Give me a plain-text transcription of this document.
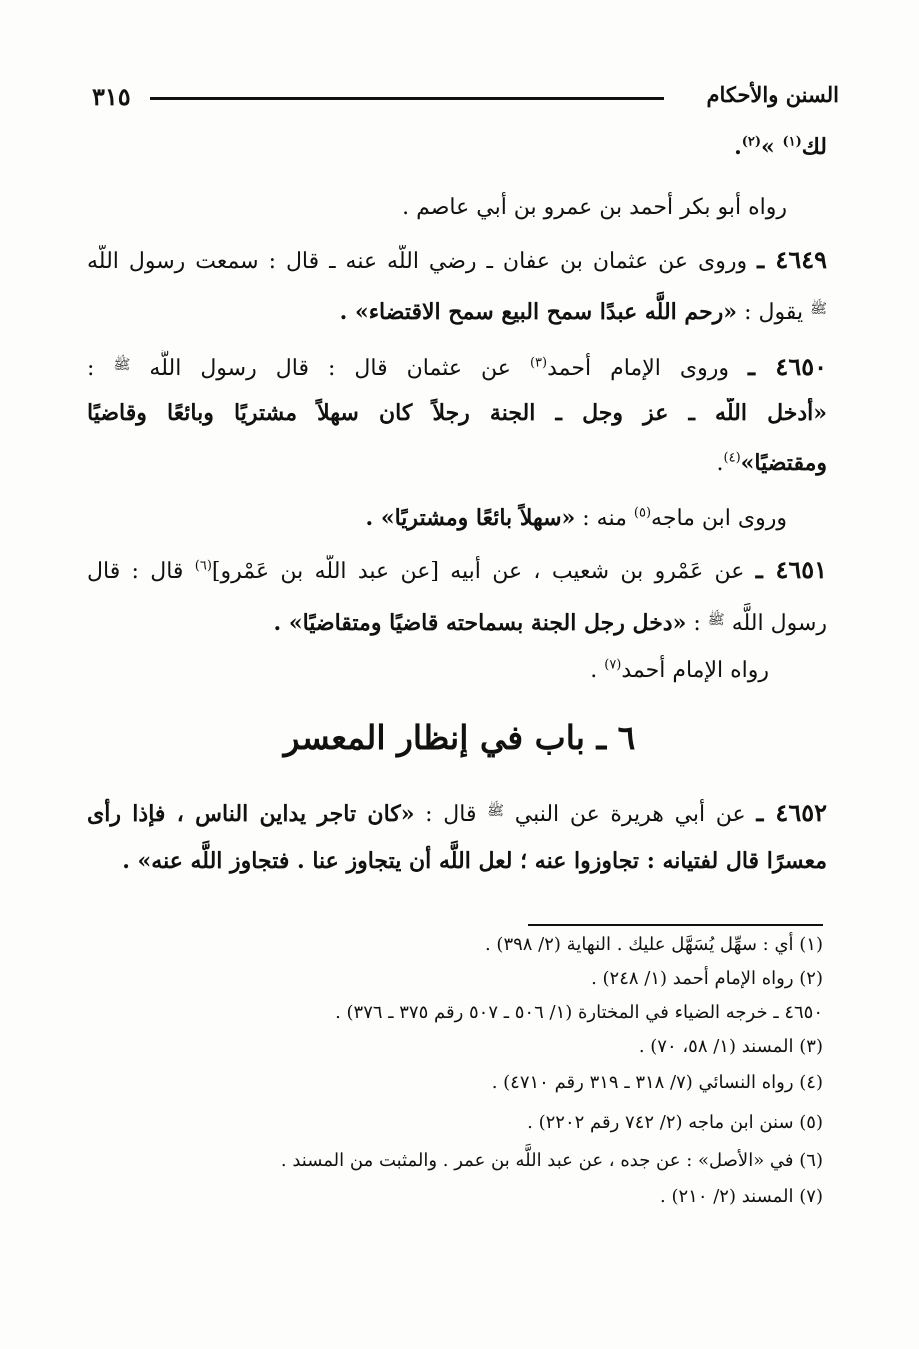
السنن والأحكام
٣١٥
لك$^{(١)}$ »$^{(٢)}$.
رواه أبو بكر أحمد بن عمرو بن أبي عاصم .
٤٦٤٩ ـ وروى عن عثمان بن عفان ـ رضي اللَّه عنه ـ قال : سمعت رسول اللَّه
$^ﷺ$ يقول : «رحم اللَّه عبدًا سمح البيع سمح الاقتضاء» .
٤٦٥٠ ـ وروى الإمام أحمد$^{(٣)}$ عن عثمان قال : قال رسول اللَّه $^ﷺ$ :
«أدخل اللَّه ـ عز وجل ـ الجنة رجلاً كان سهلاً مشتريًا وبائعًا وقاضيًا
ومقتضيًا»$^{(٤)}$.
وروى ابن ماجه$^{(٥)}$ منه : «سهلاً بائعًا ومشتريًا» .
٤٦٥١ ـ عن عَمْرو بن شعيب ، عن أبيه [عن عبد اللَّه بن عَمْرو]$^{(٦)}$ قال : قال
رسول اللَّه $^ﷺ$ : «دخل رجل الجنة بسماحته قاضيًا ومتقاضيًا» .
رواه الإمام أحمد$^{(٧)}$ .
٦ ـ باب في إنظار المعسر
٤٦٥٢ ـ عن أبي هريرة عن النبي $^ﷺ$ قال : «كان تاجر يداين الناس ، فإذا رأى
معسرًا قال لفتيانه : تجاوزوا عنه ؛ لعل اللَّه أن يتجاوز عنا . فتجاوز اللَّه عنه» .
(١) أي : سهِّل يُسَهَّل عليك . النهاية (٢/ ٣٩٨) .
(٢) رواه الإمام أحمد (١/ ٢٤٨) .
٤٦٥٠ ـ خرجه الضياء في المختارة (١/ ٥٠٦ ـ ٥٠٧ رقم ٣٧٥ ـ ٣٧٦) .
(٣) المسند (١/ ٥٨، ٧٠) .
(٤) رواه النسائي (٧/ ٣١٨ ـ ٣١٩ رقم ٤٧١٠) .
(٥) سنن ابن ماجه (٢/ ٧٤٢ رقم ٢٢٠٢) .
(٦) في «الأصل» : عن جده ، عن عبد اللَّه بن عمر . والمثبت من المسند .
(٧) المسند (٢/ ٢١٠) .
